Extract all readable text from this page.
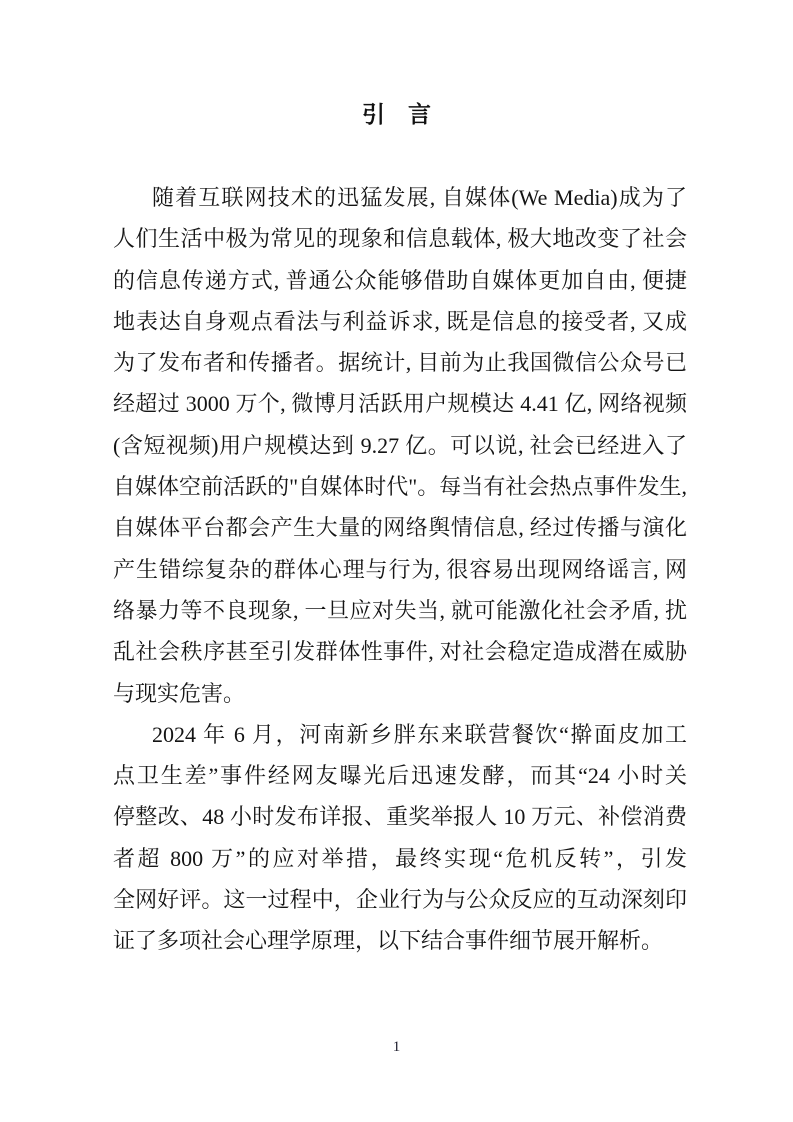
引　言
随着互联网技术的迅猛发展, 自媒体(We Media)成为了
人们生活中极为常见的现象和信息载体, 极大地改变了社会
的信息传递方式, 普通公众能够借助自媒体更加自由, 便捷
地表达自身观点看法与利益诉求, 既是信息的接受者, 又成
为了发布者和传播者。据统计, 目前为止我国微信公众号已
经超过 3000 万个, 微博月活跃用户规模达 4.41 亿, 网络视频
(含短视频)用户规模达到 9.27 亿。可以说, 社会已经进入了
自媒体空前活跃的"自媒体时代"。每当有社会热点事件发生,
自媒体平台都会产生大量的网络舆情信息, 经过传播与演化
产生错综复杂的群体心理与行为, 很容易出现网络谣言, 网
络暴力等不良现象, 一旦应对失当, 就可能激化社会矛盾, 扰
乱社会秩序甚至引发群体性事件, 对社会稳定造成潜在威胁
与现实危害。
2024 年 6 月，河南新乡胖东来联营餐饮“擀面皮加工
点卫生差”事件经网友曝光后迅速发酵，而其“24 小时关
停整改、48 小时发布详报、重奖举报人 10 万元、补偿消费
者超 800 万”的应对举措，最终实现“危机反转”，引发
全网好评。这一过程中，企业行为与公众反应的互动深刻印
证了多项社会心理学原理，以下结合事件细节展开解析。
1
